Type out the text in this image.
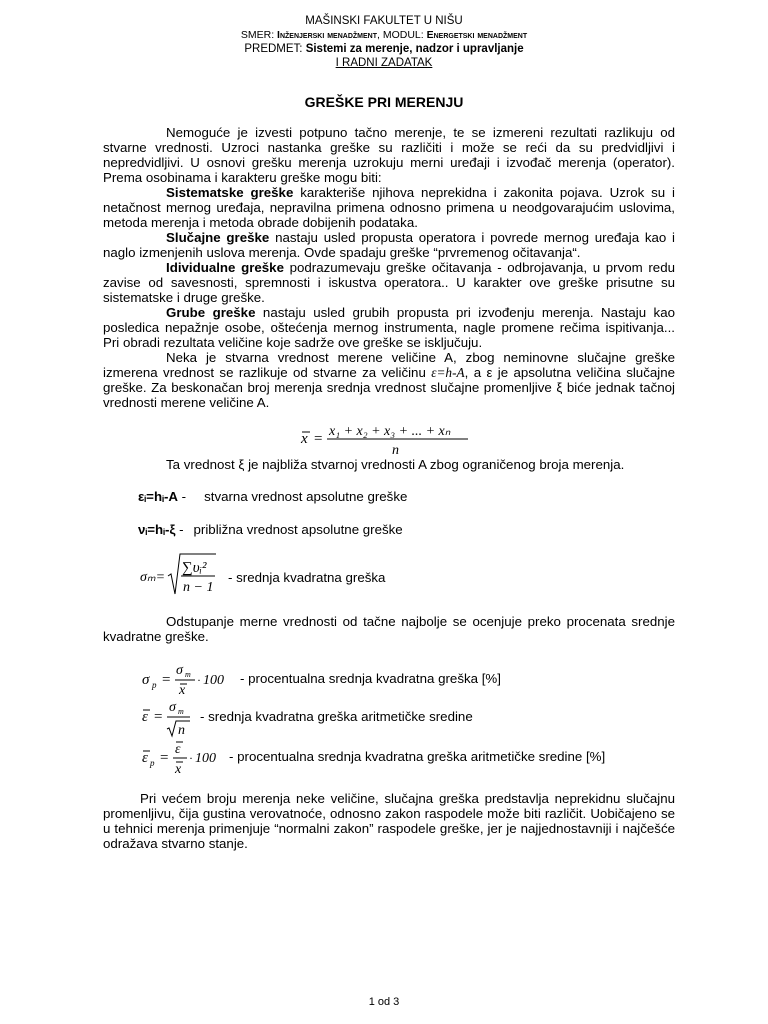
MAŠINSKI FAKULTET U NIŠU
SMER: Inženjerski menadžment, MODUL: Energetski menadžment
PREDMET: Sistemi za merenje, nadzor i upravljanje
I RADNI ZADATAK
GREŠKE PRI MERENJU

Nemoguće je izvesti potpuno tačno merenje, te se izmereni rezultati razlikuju od stvarne vrednosti. Uzroci nastanka greške su različiti i može se reći da su predvidljivi i nepredvidljivi. U osnovi grešku merenja uzrokuju merni uređaji i izvođač merenja (operator). Prema osobinama i karakteru greške mogu biti:

Sistematske greške karakteriše njihova neprekidna i zakonita pojava. Uzrok su i netačnost mernog uređaja, nepravilna primena odnosno primena u neodgovarajućim uslovima, metoda merenja i metoda obrade dobijenih podataka.

Slučajne greške nastaju usled propusta operatora i povrede mernog uređaja kao i naglo izmenjenih uslova merenja. Ovde spadaju greške “prvremenog očitavanja“.

Idividualne greške podrazumevaju greške očitavanja - odbrojavanja, u prvom redu zavise od savesnosti, spremnosti i iskustva operatora.. U karakter ove greške prisutne su sistematske i druge greške.

Grube greške nastaju usled grubih propusta pri izvođenju merenja. Nastaju kao posledica nepažnje osobe, oštećenja mernog instrumenta, nagle promene rečima ispitivanja... Pri obradi rezultata veličine koje sadrže ove greške se isključuju.

Neka je stvarna vrednost merene veličine A, zbog neminovne slučajne greške izmerena vrednost se razlikuje od stvarne za veličinu ε=h-A, a ε je apsolutna veličina slučajne greške. Za beskonačan broj merenja srednja vrednost slučajne promenljive ξ biće jednak tačnoj vrednosti merene veličine A.

x = x₁ + x₂ + x₃ + ... + xₙ
n

Ta vrednost ξ je najbliža stvarnoj vrednosti A zbog ograničenog broja merenja.

εᵢ=hᵢ-A - stvarna vrednost apsolutne greške
νᵢ=hᵢ-ξ - približna vrednost apsolutne greške
σₘ=
∑υᵢ²
n − 1
- srednja kvadratna greška

Odstupanje merne vrednosti od tačne najbolje se ocenjuje preko procenata srednje kvadratne greške.

σ p =
σ m
x
· 100 - procentualna srednja kvadratna greška [%]
ε =
σ m
n
- srednja kvadratna greška aritmetičke sredine
ε p =
ε
x
· 100 - procentualna srednja kvadratna greška aritmetičke sredine [%]

Pri većem broju merenja neke veličine, slučajna greška predstavlja neprekidnu slučajnu promenljivu, čija gustina verovatnoće, odnosno zakon raspodele može biti različit. Uobičajeno se u tehnici merenja primenjuje “normalni zakon” raspodele greške, jer je najjednostavniji i najčešće odražava stvarno stanje.

1 od 3
